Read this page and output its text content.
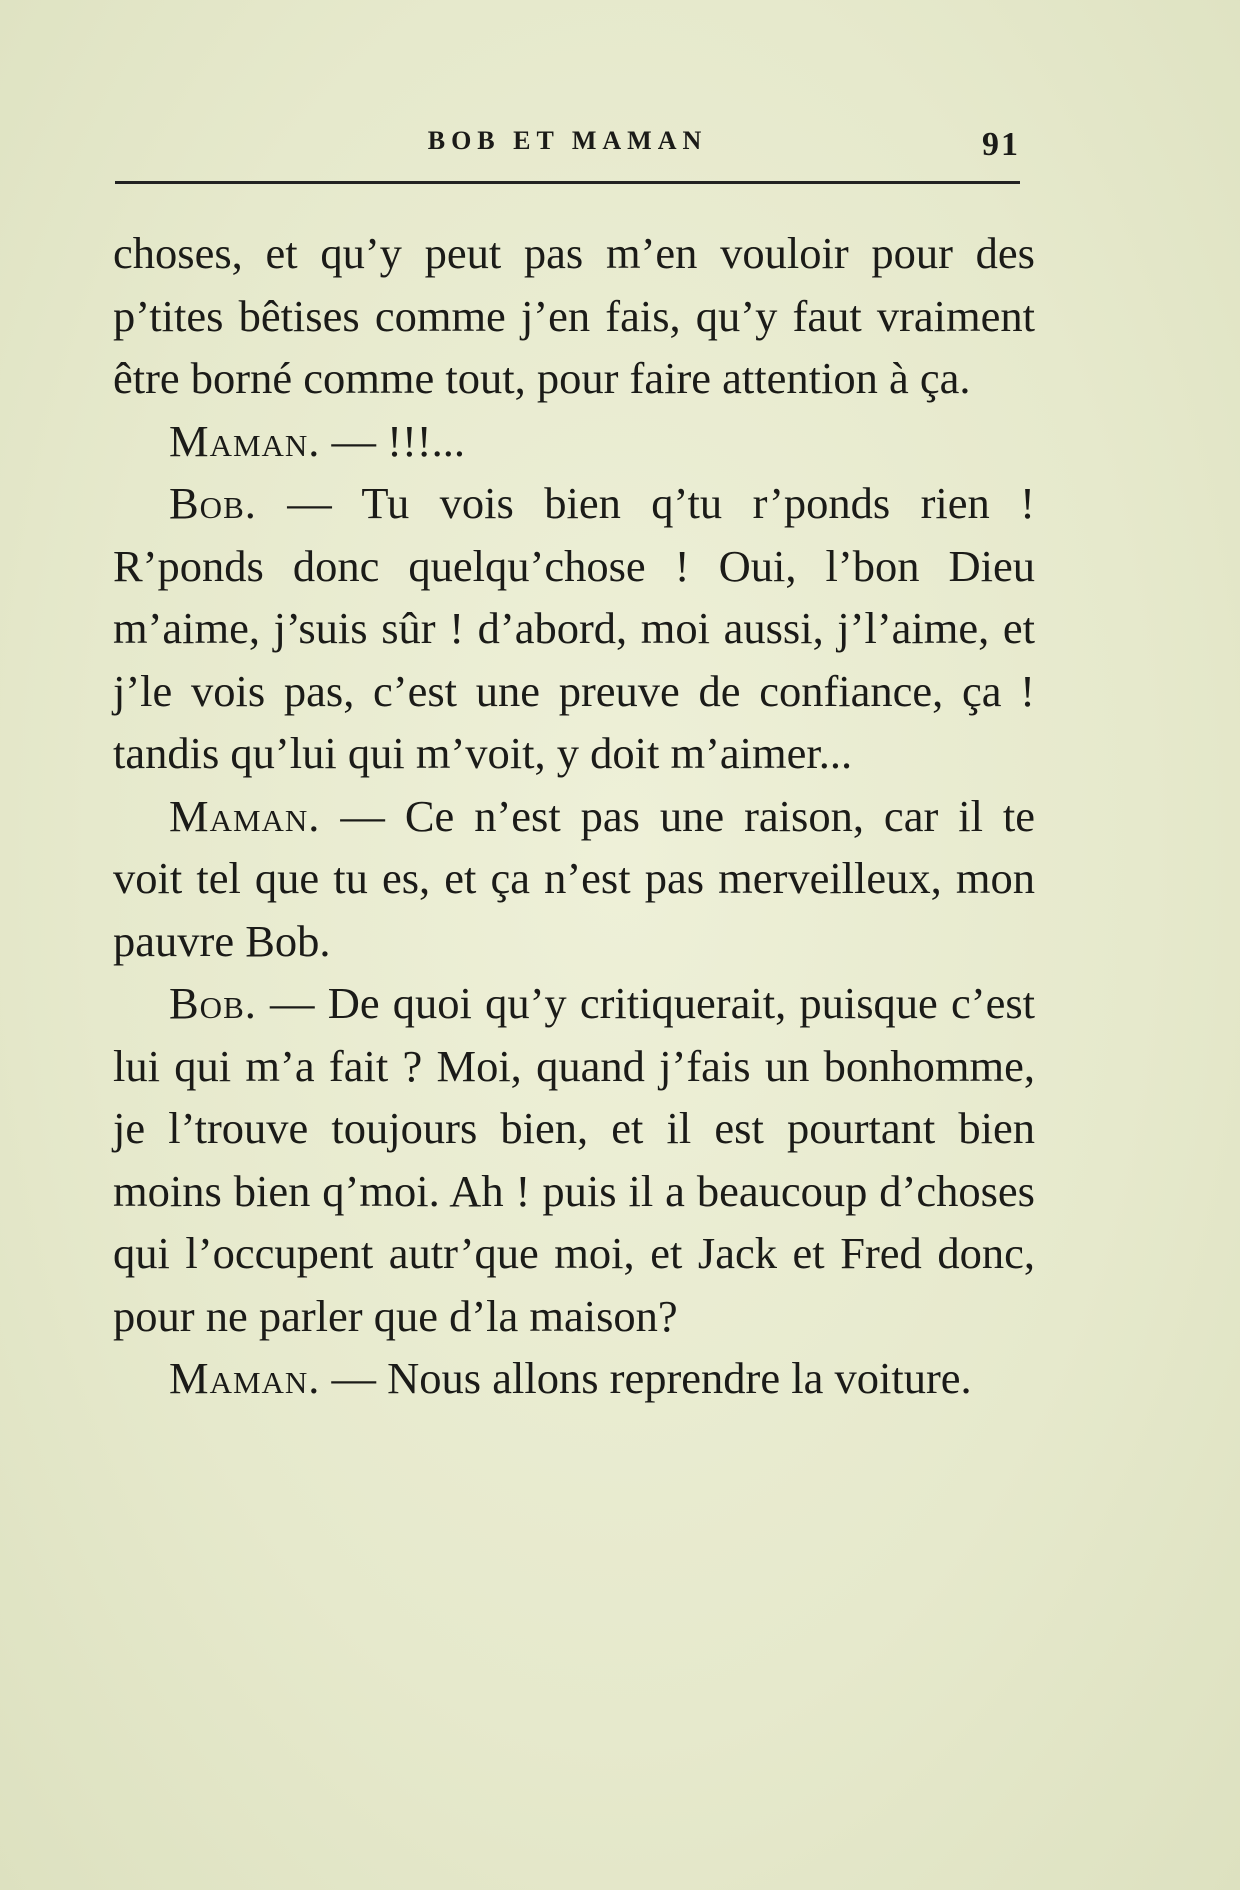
BOB ET MAMAN	91

choses, et qu’y peut pas m’en vouloir pour des p’tites bêtises comme j’en fais, qu’y faut vraiment être borné comme tout, pour faire attention à ça.

Maman. — !!!...

Bob. — Tu vois bien q’tu r’ponds rien ! R’ponds donc quelqu’chose ! Oui, l’bon Dieu m’aime, j’suis sûr ! d’abord, moi aussi, j’l’aime, et j’le vois pas, c’est une preuve de confiance, ça ! tandis qu’lui qui m’voit, y doit m’aimer...

Maman. — Ce n’est pas une raison, car il te voit tel que tu es, et ça n’est pas merveilleux, mon pauvre Bob.

Bob. — De quoi qu’y critiquerait, puisque c’est lui qui m’a fait ? Moi, quand j’fais un bonhomme, je l’trouve toujours bien, et il est pourtant bien moins bien q’moi. Ah ! puis il a beaucoup d’choses qui l’occupent autr’que moi, et Jack et Fred donc, pour ne parler que d’la maison?

Maman. — Nous allons reprendre la voiture.
